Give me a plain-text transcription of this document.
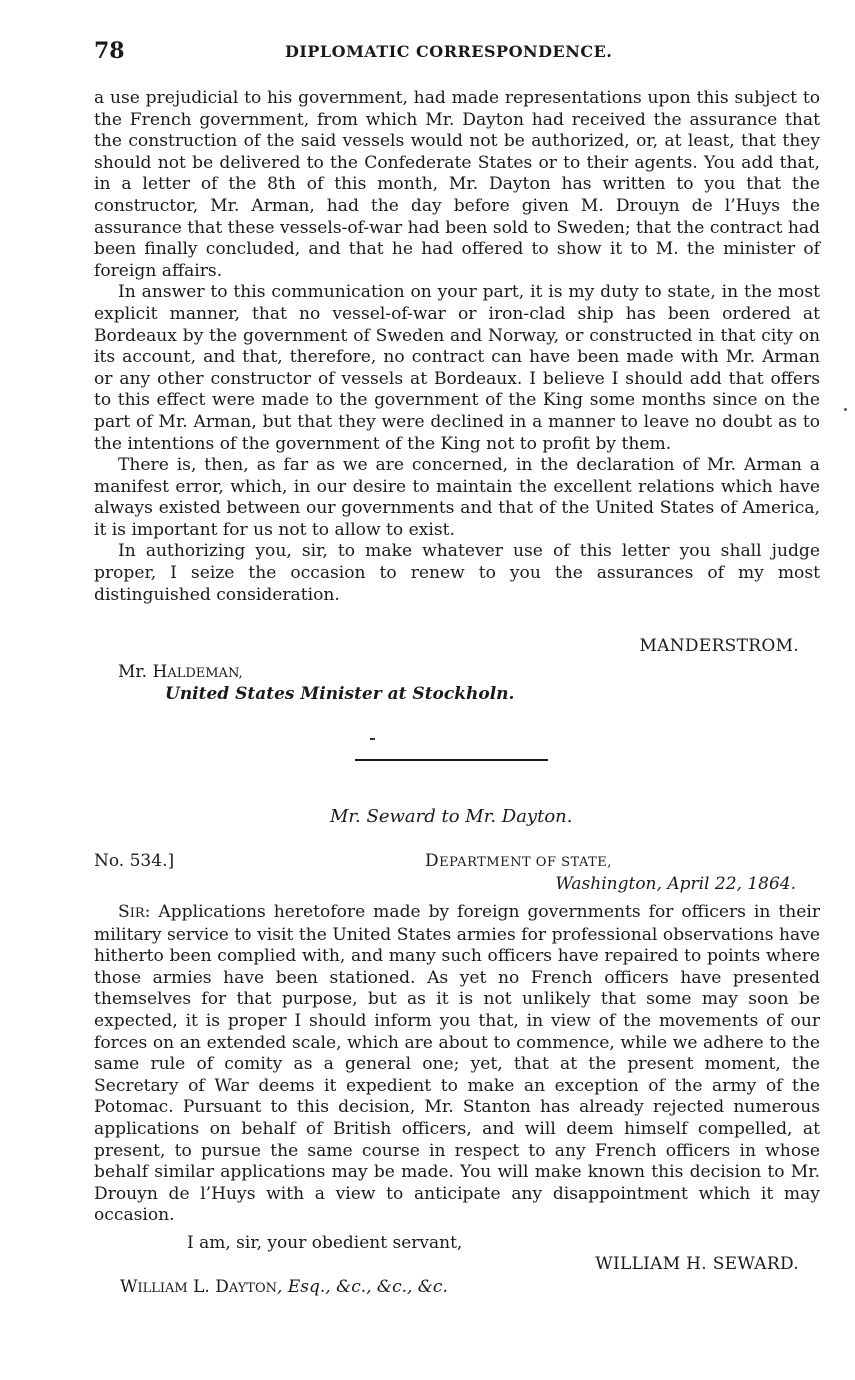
78	DIPLOMATIC CORRESPONDENCE.

a use prejudicial to his government, had made representations upon this subject to the French government, from which Mr. Dayton had received the assurance that the construction of the said vessels would not be authorized, or, at least, that they should not be delivered to the Confederate States or to their agents. You add that, in a letter of the 8th of this month, Mr. Dayton has written to you that the constructor, Mr. Arman, had the day before given M. Drouyn de l’Huys the assurance that these vessels-of-war had been sold to Sweden; that the contract had been finally concluded, and that he had offered to show it to M. the minister of foreign affairs.

In answer to this communication on your part, it is my duty to state, in the most explicit manner, that no vessel-of-war or iron-clad ship has been ordered at Bordeaux by the government of Sweden and Norway, or constructed in that city on its account, and that, therefore, no contract can have been made with Mr. Arman or any other constructor of vessels at Bordeaux. I believe I should add that offers to this effect were made to the government of the King some months since on the part of Mr. Arman, but that they were declined in a manner to leave no doubt as to the intentions of the government of the King not to profit by them.

There is, then, as far as we are concerned, in the declaration of Mr. Arman a manifest error, which, in our desire to maintain the excellent relations which have always existed between our governments and that of the United States of America, it is important for us not to allow to exist.

In authorizing you, sir, to make whatever use of this letter you shall judge proper, I seize the occasion to renew to you the assurances of my most distinguished consideration.

MANDERSTROM.
Mr. HALDEMAN,
United States Minister at Stockholn.
Mr. Seward to Mr. Dayton.
No. 534.]	DEPARTMENT OF STATE,
Washington, April 22, 1864.

SIR: Applications heretofore made by foreign governments for officers in their military service to visit the United States armies for professional observations have hitherto been complied with, and many such officers have repaired to points where those armies have been stationed. As yet no French officers have presented themselves for that purpose, but as it is not unlikely that some may soon be expected, it is proper I should inform you that, in view of the movements of our forces on an extended scale, which are about to commence, while we adhere to the same rule of comity as a general one; yet, that at the present moment, the Secretary of War deems it expedient to make an exception of the army of the Potomac. Pursuant to this decision, Mr. Stanton has already rejected numerous applications on behalf of British officers, and will deem himself compelled, at present, to pursue the same course in respect to any French officers in whose behalf similar applications may be made. You will make known this decision to Mr. Drouyn de l’Huys with a view to anticipate any disappointment which it may occasion.

I am, sir, your obedient servant,
WILLIAM H. SEWARD.
WILLIAM L. DAYTON, Esq., &c., &c., &c.
